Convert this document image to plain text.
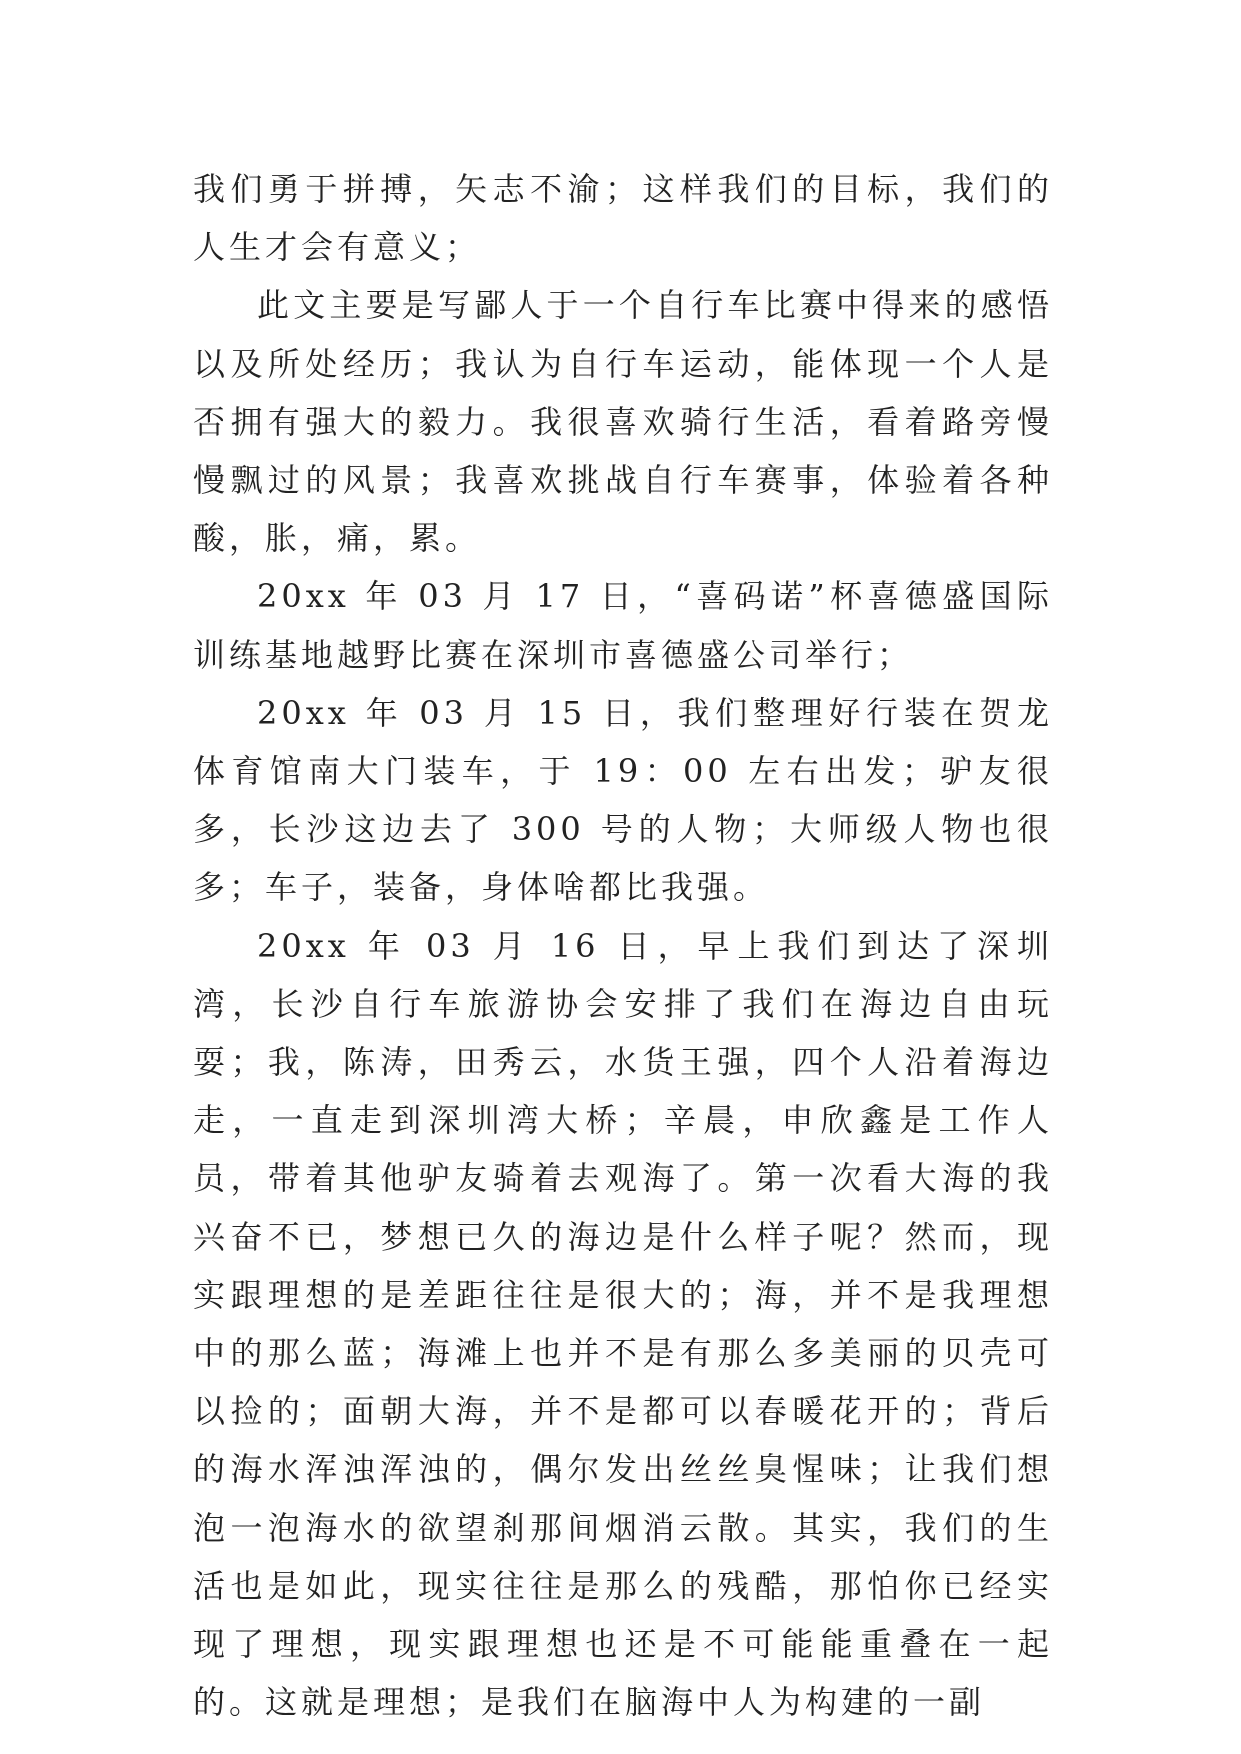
我们勇于拼搏，矢志不渝；这样我们的目标，我们的人生才会有意义；

此文主要是写鄙人于一个自行车比赛中得来的感悟以及所处经历；我认为自行车运动，能体现一个人是否拥有强大的毅力。我很喜欢骑行生活，看着路旁慢慢飘过的风景；我喜欢挑战自行车赛事，体验着各种酸，胀，痛，累。

20xx 年 03 月 17 日，“喜码诺”杯喜德盛国际训练基地越野比赛在深圳市喜德盛公司举行；

20xx 年 03 月 15 日，我们整理好行装在贺龙体育馆南大门装车，于 19：00 左右出发；驴友很多，长沙这边去了 300 号的人物；大师级人物也很多；车子，装备，身体啥都比我强。

20xx 年 03 月 16 日，早上我们到达了深圳湾，长沙自行车旅游协会安排了我们在海边自由玩耍；我，陈涛，田秀云，水货王强，四个人沿着海边走，一直走到深圳湾大桥；辛晨，申欣鑫是工作人员，带着其他驴友骑着去观海了。第一次看大海的我兴奋不已，梦想已久的海边是什么样子呢？然而，现实跟理想的是差距往往是很大的；海，并不是我理想中的那么蓝；海滩上也并不是有那么多美丽的贝壳可以捡的；面朝大海，并不是都可以春暖花开的；背后的海水浑浊浑浊的，偶尔发出丝丝臭惺味；让我们想泡一泡海水的欲望刹那间烟消云散。其实，我们的生活也是如此，现实往往是那么的残酷，那怕你已经实现了理想，现实跟理想也还是不可能能重叠在一起的。这就是理想；是我们在脑海中人为构建的一副
